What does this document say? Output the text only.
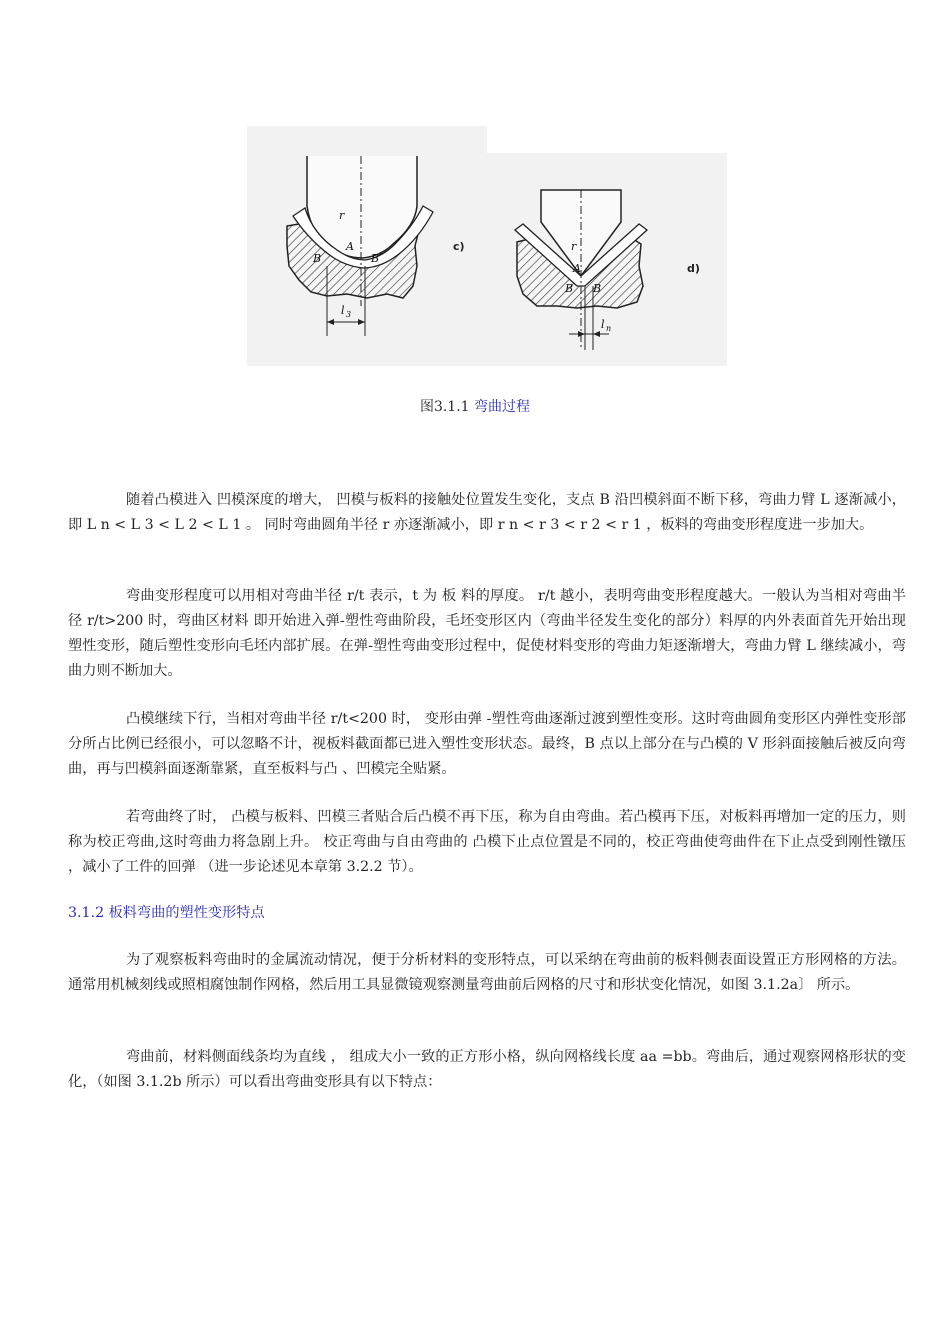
r
A
B	B
l 3
c)	r
A
B B
l n
d)
图3.1.1 弯曲过程

随着凸模进入 凹模深度的增大， 凹模与板料的接触处位置发生变化，支点 B 沿凹模斜面不断下移，弯曲力臂 L 逐渐减小，即 L n < L 3 < L 2 < L 1 。 同时弯曲圆角半径 r 亦逐渐减小，即 r n < r 3 < r 2 < r 1 ，板料的弯曲变形程度进一步加大。

弯曲变形程度可以用相对弯曲半径 r/t 表示，t 为 板 料的厚度。 r/t 越小，表明弯曲变形程度越大。一般认为当相对弯曲半径 r/t>200 时，弯曲区材料 即开始进入弹-塑性弯曲阶段，毛坯变形区内（弯曲半径发生变化的部分）料厚的内外表面首先开始出现塑性变形，随后塑性变形向毛坯内部扩展。在弹-塑性弯曲变形过程中，促使材料变形的弯曲力矩逐渐增大，弯曲力臂 L 继续减小，弯曲力则不断加大。

凸模继续下行，当相对弯曲半径 r/t<200 时， 变形由弹 -塑性弯曲逐渐过渡到塑性变形。这时弯曲圆角变形区内弹性变形部分所占比例已经很小，可以忽略不计，视板料截面都已进入塑性变形状态。最终，B 点以上部分在与凸模的 V 形斜面接触后被反向弯曲，再与凹模斜面逐渐靠紧，直至板料与凸 、凹模完全贴紧。

若弯曲终了时， 凸模与板料、凹模三者贴合后凸模不再下压，称为自由弯曲。若凸模再下压，对板料再增加一定的压力，则称为校正弯曲,这时弯曲力将急剧上升。 校正弯曲与自由弯曲的 凸模下止点位置是不同的，校正弯曲使弯曲件在下止点受到刚性镦压 ，减小了工件的回弹 （进一步论述见本章第 3.2.2 节）。

3.1.2 板料弯曲的塑性变形特点

为了观察板料弯曲时的金属流动情况，便于分析材料的变形特点，可以采纳在弯曲前的板料侧表面设置正方形网格的方法。通常用机械刻线或照相腐蚀制作网格，然后用工具显微镜观察测量弯曲前后网格的尺寸和形状变化情况，如图 3.1.2a〕 所示。

弯曲前，材料侧面线条均为直线 ， 组成大小一致的正方形小格，纵向网格线长度 aa =bb。弯曲后，通过观察网格形状的变化，（如图 3.1.2b 所示）可以看出弯曲变形具有以下特点：
